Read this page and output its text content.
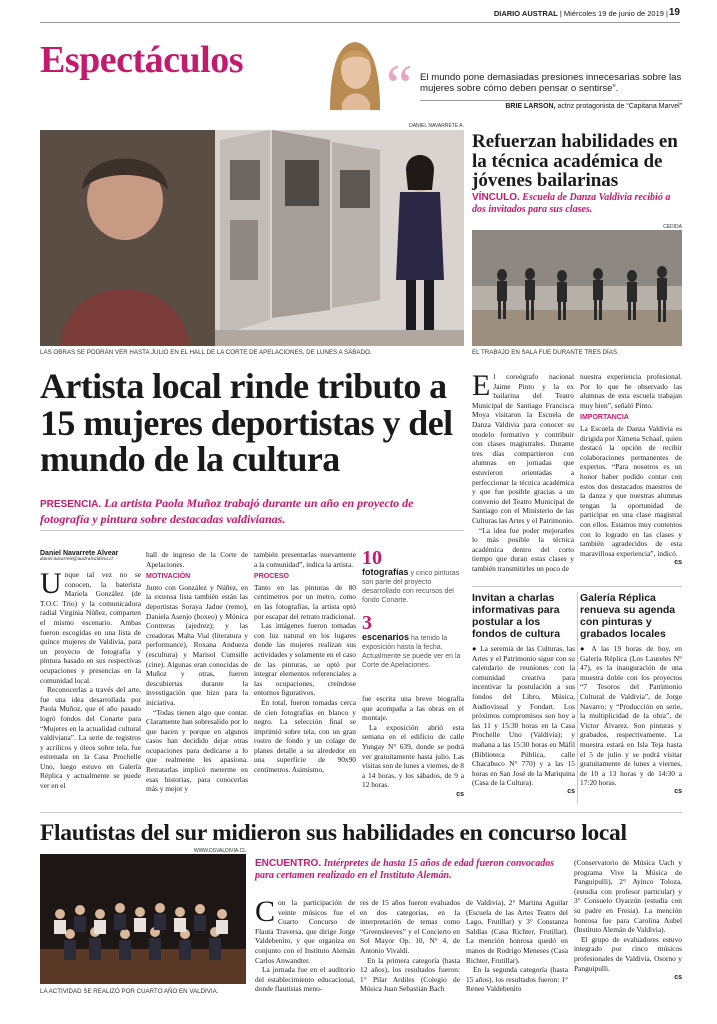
DIARIO AUSTRAL | Miércoles 19 de junio de 2019 | 19
Espectáculos “ El mundo pone demasiadas presiones innecesarias sobre las mujeres sobre cómo deben pensar o sentirse”.
BRIE LARSON, actriz protagonista de “Capitana Marvel”
DANIEL NAVARRETE A.
LAS OBRAS SE PODRÁN VER HASTA JULIO EN EL HALL DE LA CORTE DE APELACIONES, DE LUNES A SÁBADO.
Refuerzan habilidades en la técnica académica de jóvenes bailarinas
VÍNCULO. Escuela de Danza Valdivia recibió a dos invitados para sus clases.
CEDIDA
EL TRABAJO EN SALA FUE DURANTE TRES DÍAS.
Artista local rinde tributo a 15 mujeres deportistas y del mundo de la cultura
PRESENCIA. La artista Paola Muñoz trabajó durante un año en proyecto de fotografía y pintura sobre destacadas valdivianas.
Daniel Navarrete Alvear
daniel.navarrete@australvaldivia.cl

Unque tal vez no se conocen, la baterista Mariela González (de T.O.C Trio) y la comunicadora radial Virginia Núñez, comparten el mismo escenario. Ambas fueron escogidas en una lista de quince mujeres de Valdivia, para un proyecto de fotografía y pintura basado en sus respectivas ocupaciones y presencias en la comunidad local.

Reconocerlas a través del arte, fue una idea desarrollada por Paola Muñoz, que el año pasado logró fondos del Conarte para “Mujeres en la actualidad cultural valdiviana”. La serie de registros y acrílicos y óleos sobre tela, fue estrenada en la Casa Prochelle Uno, luego estuvo en Galería Réplica y actualmente se puede ver en el

hall de ingreso de la Corte de Apelaciones.

MOTIVACIÓN

Junto con González y Núñez, en la extensa lista también están las deportistas Soraya Jadue (remo), Daniela Asenjo (boxeo) y Mónica Contreras (ajedrez); y las creadoras Maha Vial (literatura y performance), Roxana Andueza (escultura) y Marisol Cumsille (cine). Algunas eran conocidas de Muñoz y otras, fueron descubiertas durante la investigación que hizo para la iniciativa.

“Todas tienen algo que contar. Claramente han sobresalido por lo que hacen y porque en algunos casos han decidido dejar otras ocupaciones para dedicarse a lo que realmente les apasiona. Retratarlas implicó meterme en esas historias, para conocerlas más y mejor y

también presentarlas nuevamente a la comunidad”, indica la artista.

PROCESO

Tanto en las pinturas de 80 centímetros por un metro, como en las fotografías, la artista optó por escapar del retrato tradicional.

Las imágenes fueron tomadas con luz natural en los lugares donde las mujeres realizan sus actividades y solamente en el caso de las pinturas, se optó por integrar elementos referenciales a las ocupaciones, creíndose entornos figurativos.

En total, fueron tomadas cerca de cien fotografías en blanco y negro. La selección final se imprimió sobre tela, con un gran rostro de fondo y un colage de planes detalle a su alrededor en una superficie de 90x90 centímetros. Asimismo,

10
fotografías y cinco pinturas son parte del proyecto desarrollado con recursos del fondo Conarte.
3
escenarios ha tenido la exposición hasta la fecha. Actualmente se puede ver en la Corte de Apelaciones.

fue escrita una breve biografía que acompaña a las obras en el montaje.

La exposición abrió esta semana en el edificio de calle Yungay N° 639, donde se podrá ver gratuitamente hasta julio. Las visitas son de lunes a viernes, de 8 a 14 horas, y los sábados, de 9 a 12 horas.

cs

El coreógrafo nacional Jaime Pinto y la ex bailarina del Teatro Municipal de Santiago Francisca Moya visitaron la Escuela de Danza Valdivia para conocer su modelo formativo y contribuir con clases magistrales. Durante tres días compartieron con alumnas en jornadas que estuvieron orientadas a perfeccionar la técnica académica y que fue posible gracias a un convenio del Teatro Municipal de Santiago con el Ministerio de las Culturas las Artes y el Patrimonio.

“La idea fue poder mejorarles lo más posible la técnica académica dentro del corto tiempo que duran estas clases y también transmitirles un poco de

nuestra experiencia profesional. Por lo que he observado las alumnas de esta escuela trabajan muy bien”, señaló Pinto.

IMPORTANCIA

La Escuela de Danza Valdivia es dirigida por Ximena Schaaf, quien destacó la opción de recibir colaboraciones permanentes de expertos. “Para nosotros es un honor haber podido contar con estos dos destacados maestros de la danza y que nuestras alumnas tengan la oportunidad de participar en una clase magistral con ellos. Estamos muy contentos con lo logrado en las clases y también agradecidos de esta maravillosa experiencia”, indicó.

cs
Invitan a charlas informativas para postular a los fondos de cultura

● La seremía de las Culturas, las Artes y el Patrimonio sigue con su calendario de reuniones con la comunidad creativa para incentivar la postulación a sus fondos del Libro, Música, Audiovisual y Fondart. Los próximos compromisos son hoy a las 11 y 15:30 horas en la Casa Prochelle Uno (Valdivia); y mañana a las 15:30 horas en Máfil (Biblioteca Pública, calle Chacabuco N° 770) y a las 15 horas en San José de la Mariquina (Casa de la Cultura).

cs
Galería Réplica renueva su agenda con pinturas y grabados locales

● A las 19 horas de hoy, en Galería Réplica (Los Laureles N° 47), es la inauguración de una muestra doble con los proyectos “7 Tesoros del Patrimonio Cultural de Valdivia”, de Jorge Navarro; y “Producción en serie, la multiplicidad de la obra”, de Víctor Álvarez. Son pinturas y grabados, respectivamente. La muestra estará en Isla Teja hasta el 5 de julio y se podrá visitar gratuitamente de lunes a viernes, de 10 a 13 horas y de 14:30 a 17:20 horas.

cs
Flautistas del sur midieron sus habilidades en concurso local
WWW.DSVALDIVIA.CL
LA ACTIVIDAD SE REALIZÓ POR CUARTO AÑO EN VALDIVIA.
ENCUENTRO. Intérpretes de hasta 15 años de edad fueron convocados para certamen realizado en el Instituto Alemán.

Con la participación de veinte músicos fue el Cuarto Concurso de Flauta Traversa, que dirige Jorge Valdebenito, y que organiza en conjunto con el Instituto Alemán Carlos Anwandter.

La jornada fue en el auditorio del establecimiento educacional, donde flautistas meno-

res de 15 años fueron evaluados en dos categorías, en la interpretación de temas como “Greensleeves” y el Concierto en Sol Mayor Op. 10, N° 4, de Antonio Vivaldi.

En la primera categoría (hasta 12 años), los resultados fueron: 1° Pilar Ardiles (Colegio de Música Juan Sebastián Bach

de Valdivia), 2° Martina Aguilar (Escuela de las Artes Teatro del Lago, Frutillar) y 3° Constanza Saldías (Casa Richter, Frutillar). La mención honrosa quedó en manos de Rodrigo Meneses (Casa Richter, Frutillar).

En la segunda categoría (hasta 15 años), los resultados fueron: 1° Renee Valdebenito

(Conservatorio de Música Uach y programa Vive la Música de Panguipulli), 2° Ayinco Toloza, (estudia con profesor particular) y 3° Consuelo Oyarzún (estudia con su padre en Fresia). La mención honrosa fue para Carolina Aubel (Instituto Alemán de Valdivia).

El grupo de evaluadores estuvo integrado por cinco músicos profesionales de Valdivia, Osorno y Panguipulli.

cs
